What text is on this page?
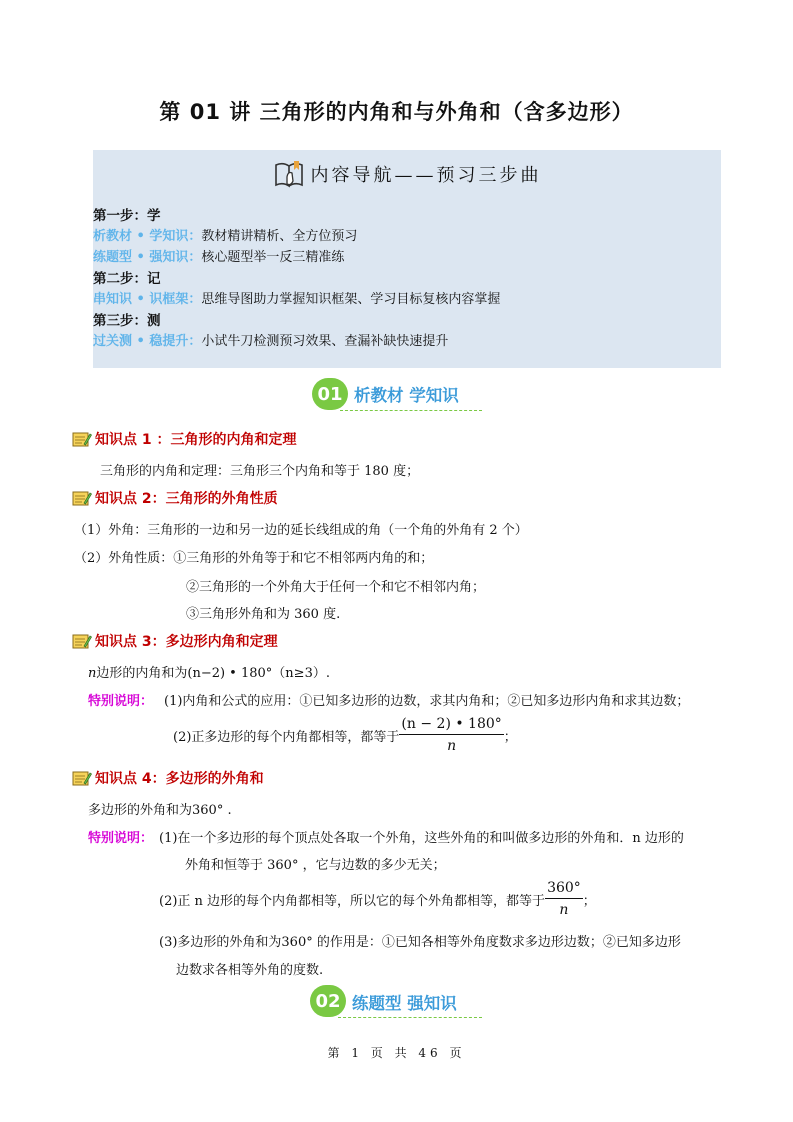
第 01 讲 三角形的内角和与外角和（含多边形）
内容导航——预习三步曲
第一步：学
析教材 • 学知识：教材精讲精析、全方位预习
练题型 • 强知识：核心题型举一反三精准练
第二步：记
串知识 • 识框架：思维导图助力掌握知识框架、学习目标复核内容掌握
第三步：测
过关测 • 稳提升：小试牛刀检测预习效果、查漏补缺快速提升
01 析教材 学知识
知识点 1 ：三角形的内角和定理
三角形的内角和定理：三角形三个内角和等于 180 度；
知识点 2：三角形的外角性质
（1）外角：三角形的一边和另一边的延长线组成的角（一个角的外角有 2 个）
（2）外角性质：①三角形的外角等于和它不相邻两内角的和；
②三角形的一个外角大于任何一个和它不相邻内角；
③三角形外角和为 360 度.
知识点 3：多边形内角和定理
n边形的内角和为(n−2) • 180°（n≥3）.
特别说明： (1)内角和公式的应用：①已知多边形的边数，求其内角和；②已知多边形内角和求其边数；
(2)正多边形的每个内角都相等，都等于 $\frac{(n - 2) • 180^\circ}{n}$ ；
知识点 4：多边形的外角和
多边形的外角和为360° .
特别说明： (1)在一个多边形的每个顶点处各取一个外角，这些外角的和叫做多边形的外角和．n 边形的
外角和恒等于 360° ，它与边数的多少无关；
(2)正 n 边形的每个内角都相等，所以它的每个外角都相等，都等于 $\frac{360^\circ}{n}$ ；
(3)多边形的外角和为360° 的作用是：①已知各相等外角度数求多边形边数；②已知多边形
边数求各相等外角的度数.
02 练题型 强知识
第 1 页 共 46 页
